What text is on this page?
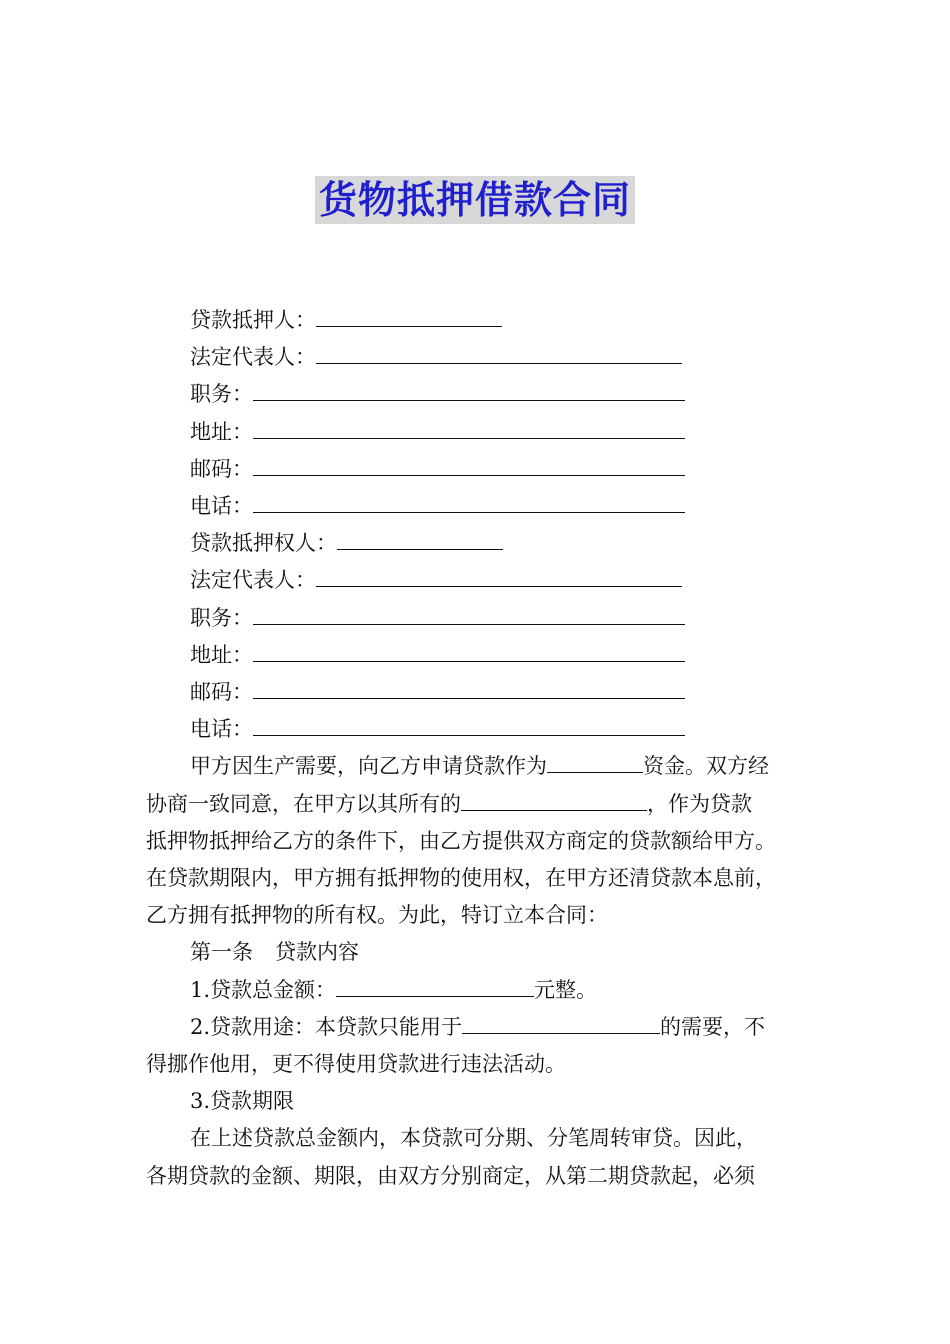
货物抵押借款合同

贷款抵押人：

法定代表人：

职务：

地址：

邮码：

电话：

贷款抵押权人：

法定代表人：

职务：

地址：

邮码：

电话：

甲方因生产需要，向乙方申请贷款作为	资金。双方经

协商一致同意，在甲方以其所有的	，作为贷款

抵押物抵押给乙方的条件下，由乙方提供双方商定的贷款额给甲方。

在贷款期限内，甲方拥有抵押物的使用权，在甲方还清贷款本息前，

乙方拥有抵押物的所有权。为此，特订立本合同：

第一条 贷款内容

1.贷款总金额：	元整。

2.贷款用途：本贷款只能用于	的需要，不

得挪作他用，更不得使用贷款进行违法活动。

3.贷款期限

在上述贷款总金额内，本贷款可分期、分笔周转审贷。因此，

各期贷款的金额、期限，由双方分别商定，从第二期贷款起，必须
